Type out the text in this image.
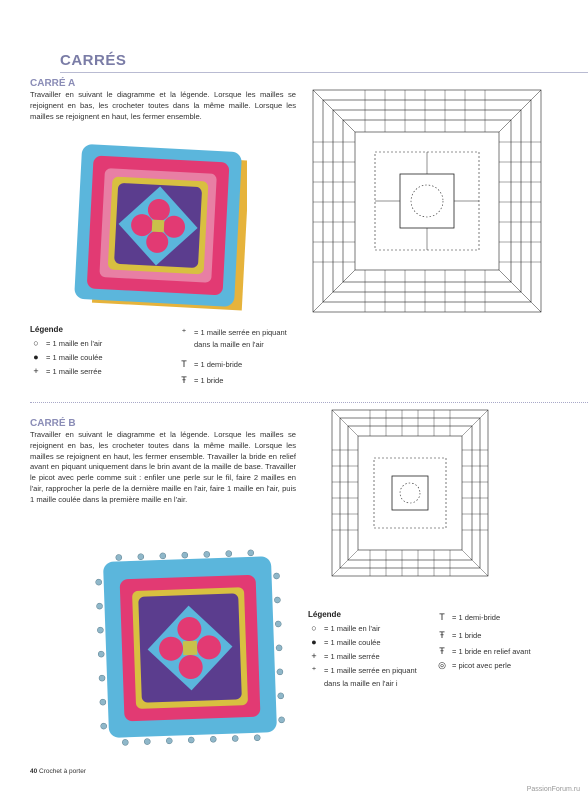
CARRÉS
CARRÉ A
Travailler en suivant le diagramme et la légende. Lorsque les mailles se rejoignent en bas, les crocheter toutes dans la même maille. Lorsque les mailles se rejoignent en haut, les fermer ensemble.
Légende
○ = 1 maille en l'air
● = 1 maille coulée
+ = 1 maille serrée
⁺	= 1 maille serrée en piquant
dans la maille en l'air
T = 1 demi-bride
Ŧ = 1 bride
CARRÉ B
Travailler en suivant le diagramme et la légende. Lorsque les mailles se rejoignent en bas, les crocheter toutes dans la même maille. Lorsque les mailles se rejoignent en haut, les fermer ensemble. Travailler la bride en relief avant en piquant uniquement dans le brin avant de la maille de base. Travailler le picot avec perle comme suit : enfiler une perle sur le fil, faire 2 mailles en l'air, rapprocher la perle de la dernière maille en l'air, faire 1 maille en l'air, puis 1 maille coulée dans la première maille en l'air.
Légende
○ = 1 maille en l'air
● = 1 maille coulée
+ = 1 maille serrée
⁺	= 1 maille serrée en piquant
dans la maille en l'air i
T = 1 demi-bride
Ŧ = 1 bride
Ŧ = 1 bride en relief avant
◎ = picot avec perle
40 Crochet à porter
PassionForum.ru
